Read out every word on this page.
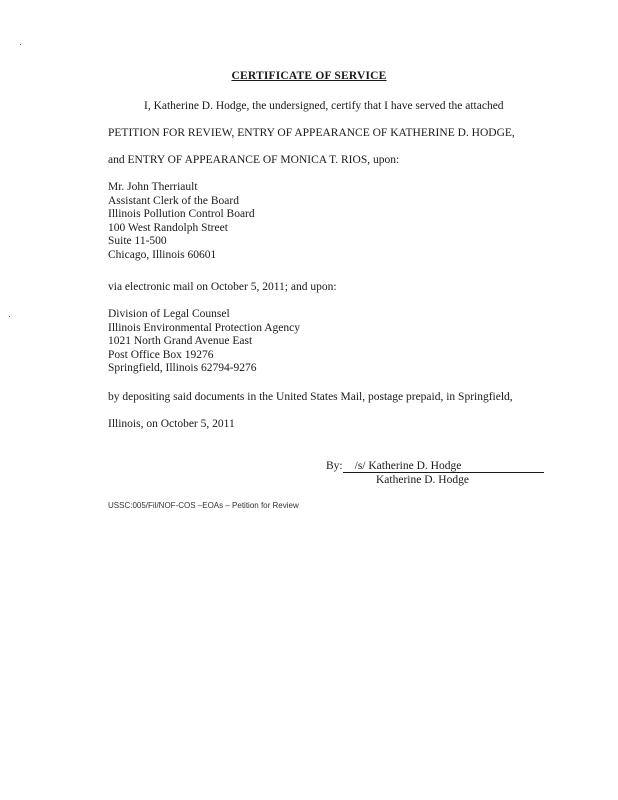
CERTIFICATE OF SERVICE
I, Katherine D. Hodge, the undersigned, certify that I have served the attached
PETITION FOR REVIEW, ENTRY OF APPEARANCE OF KATHERINE D. HODGE,
and ENTRY OF APPEARANCE OF MONICA T. RIOS, upon:
Mr. John Therriault
Assistant Clerk of the Board
Illinois Pollution Control Board
100 West Randolph Street
Suite 11-500
Chicago, Illinois 60601
via electronic mail on October 5, 2011; and upon:
Division of Legal Counsel
Illinois Environmental Protection Agency
1021 North Grand Avenue East
Post Office Box 19276
Springfield, Illinois 62794-9276
by depositing said documents in the United States Mail, postage prepaid, in Springfield,
Illinois, on October 5, 2011
By: /s/ Katherine D. Hodge
Katherine D. Hodge
USSC:005/Fil/NOF-COS –EOAs – Petition for Review
